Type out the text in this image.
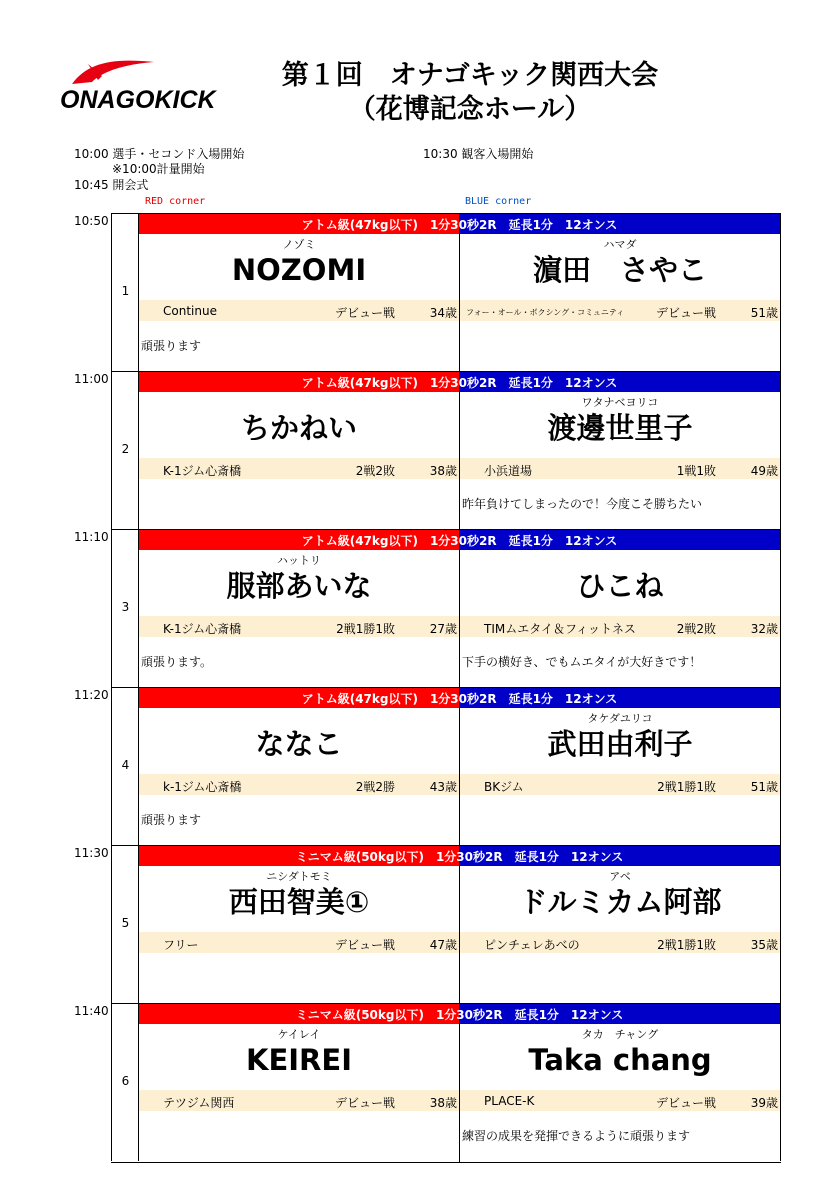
ONAGOKICK
第１回　オナゴキック関西大会
（花博記念ホール）
10:00 選手・セコンド入場開始
※10:00計量開始
10:45 開会式
10:30 観客入場開始
RED corner	BLUE corner
10:50
1
アトム級(47kg以下)　1分30秒2R　延長1分　12オンス
ノゾミ
NOZOMI
Continue	デビュー戦	34歳
頑張ります
ハマダ
濵田　さやこ
フォー・オール・ボクシング・コミュニティ	デビュー戦	51歳
11:00
2
アトム級(47kg以下)　1分30秒2R　延長1分　12オンス
ちかねい
K-1ジム心斎橋	2戦2敗	38歳
ワタナベヨリコ
渡邊世里子
小浜道場	1戦1敗	49歳
昨年負けてしまったので！今度こそ勝ちたい
11:10
3
アトム級(47kg以下)　1分30秒2R　延長1分　12オンス
ハットリ
服部あいな
K-1ジム心斎橋	2戦1勝1敗	27歳
頑張ります。
ひこね
TIMムエタイ＆フィットネス	2戦2敗	32歳
下手の横好き、でもムエタイが大好きです！
11:20
4
アトム級(47kg以下)　1分30秒2R　延長1分　12オンス
ななこ
k-1ジム心斎橋	2戦2勝	43歳
頑張ります
タケダユリコ
武田由利子
BKジム	2戦1勝1敗	51歳
11:30
5
ミニマム級(50kg以下)　1分30秒2R　延長1分　12オンス
ニシダトモミ
西田智美①
フリー	デビュー戦	47歳
アベ
ドルミカム阿部
ピンチェレあべの	2戦1勝1敗	35歳
11:40
6
ミニマム級(50kg以下)　1分30秒2R　延長1分　12オンス
ケイレイ
KEIREI
テツジム関西	デビュー戦	38歳
タカ　チャング
Taka chang
PLACE-K	デビュー戦	39歳
練習の成果を発揮できるように頑張ります
